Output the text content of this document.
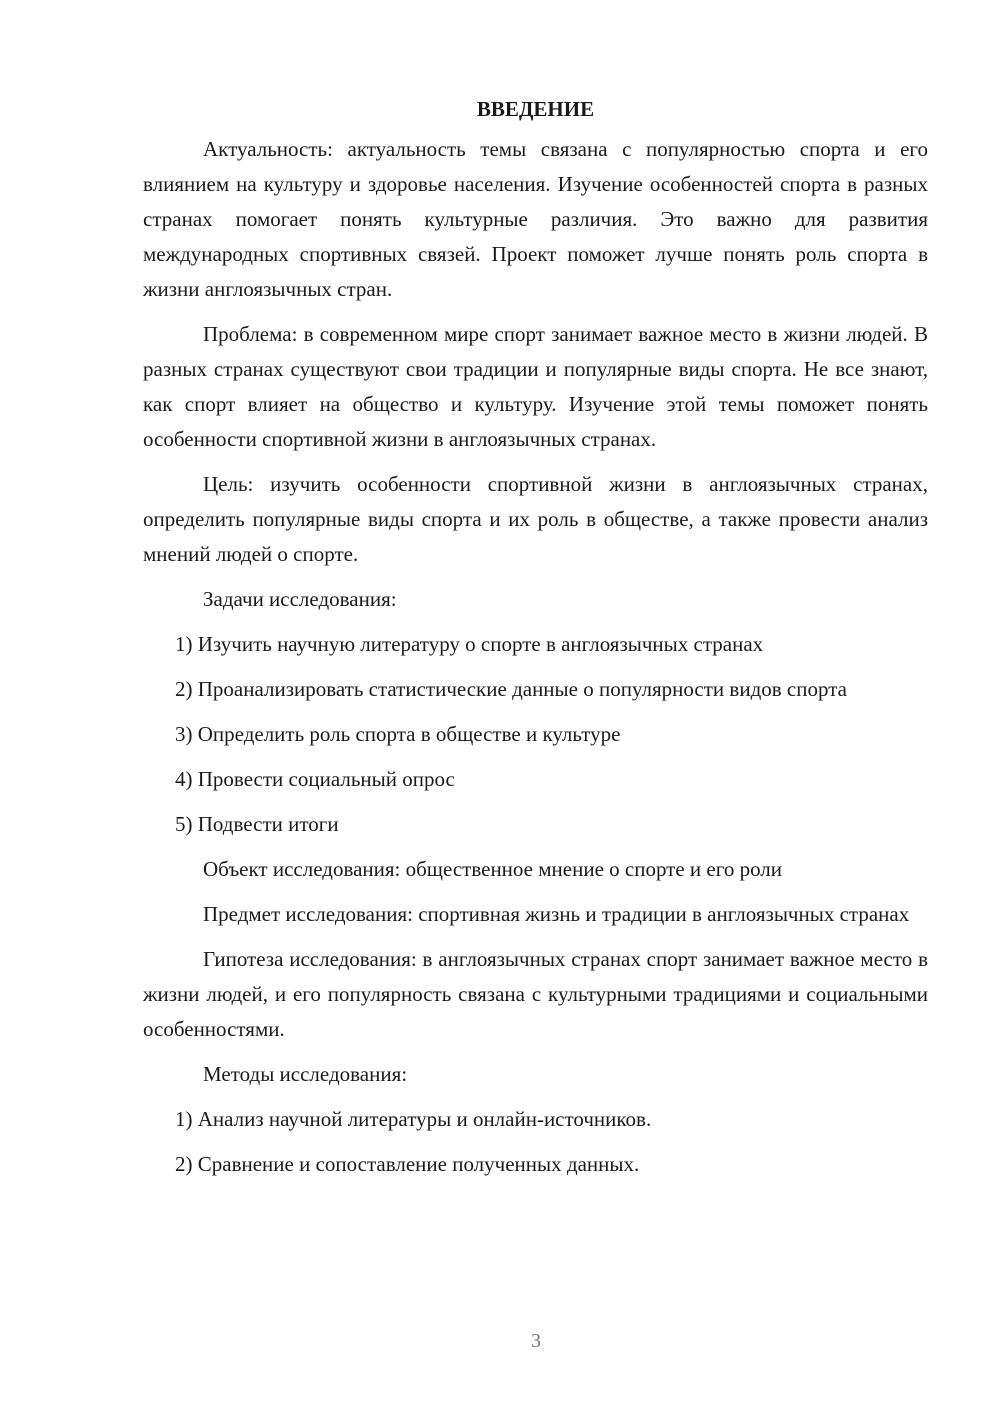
ВВЕДЕНИЕ

Актуальность: актуальность темы связана с популярностью спорта и его влиянием на культуру и здоровье населения. Изучение особенностей спорта в разных странах помогает понять культурные различия. Это важно для развития международных спортивных связей. Проект поможет лучше понять роль спорта в жизни англоязычных стран.

Проблема: в современном мире спорт занимает важное место в жизни людей. В разных странах существуют свои традиции и популярные виды спорта. Не все знают, как спорт влияет на общество и культуру. Изучение этой темы поможет понять особенности спортивной жизни в англоязычных странах.

Цель: изучить особенности спортивной жизни в англоязычных странах, определить популярные виды спорта и их роль в обществе, а также провести анализ мнений людей о спорте.

Задачи исследования:

1) Изучить научную литературу о спорте в англоязычных странах

2) Проанализировать статистические данные о популярности видов спорта

3) Определить роль спорта в обществе и культуре

4) Провести социальный опрос

5) Подвести итоги

Объект исследования: общественное мнение о спорте и его роли

Предмет исследования: спортивная жизнь и традиции в англоязычных странах

Гипотеза исследования: в англоязычных странах спорт занимает важное место в жизни людей, и его популярность связана с культурными традициями и социальными особенностями.

Методы исследования:

1) Анализ научной литературы и онлайн-источников.

2) Сравнение и сопоставление полученных данных.

3
